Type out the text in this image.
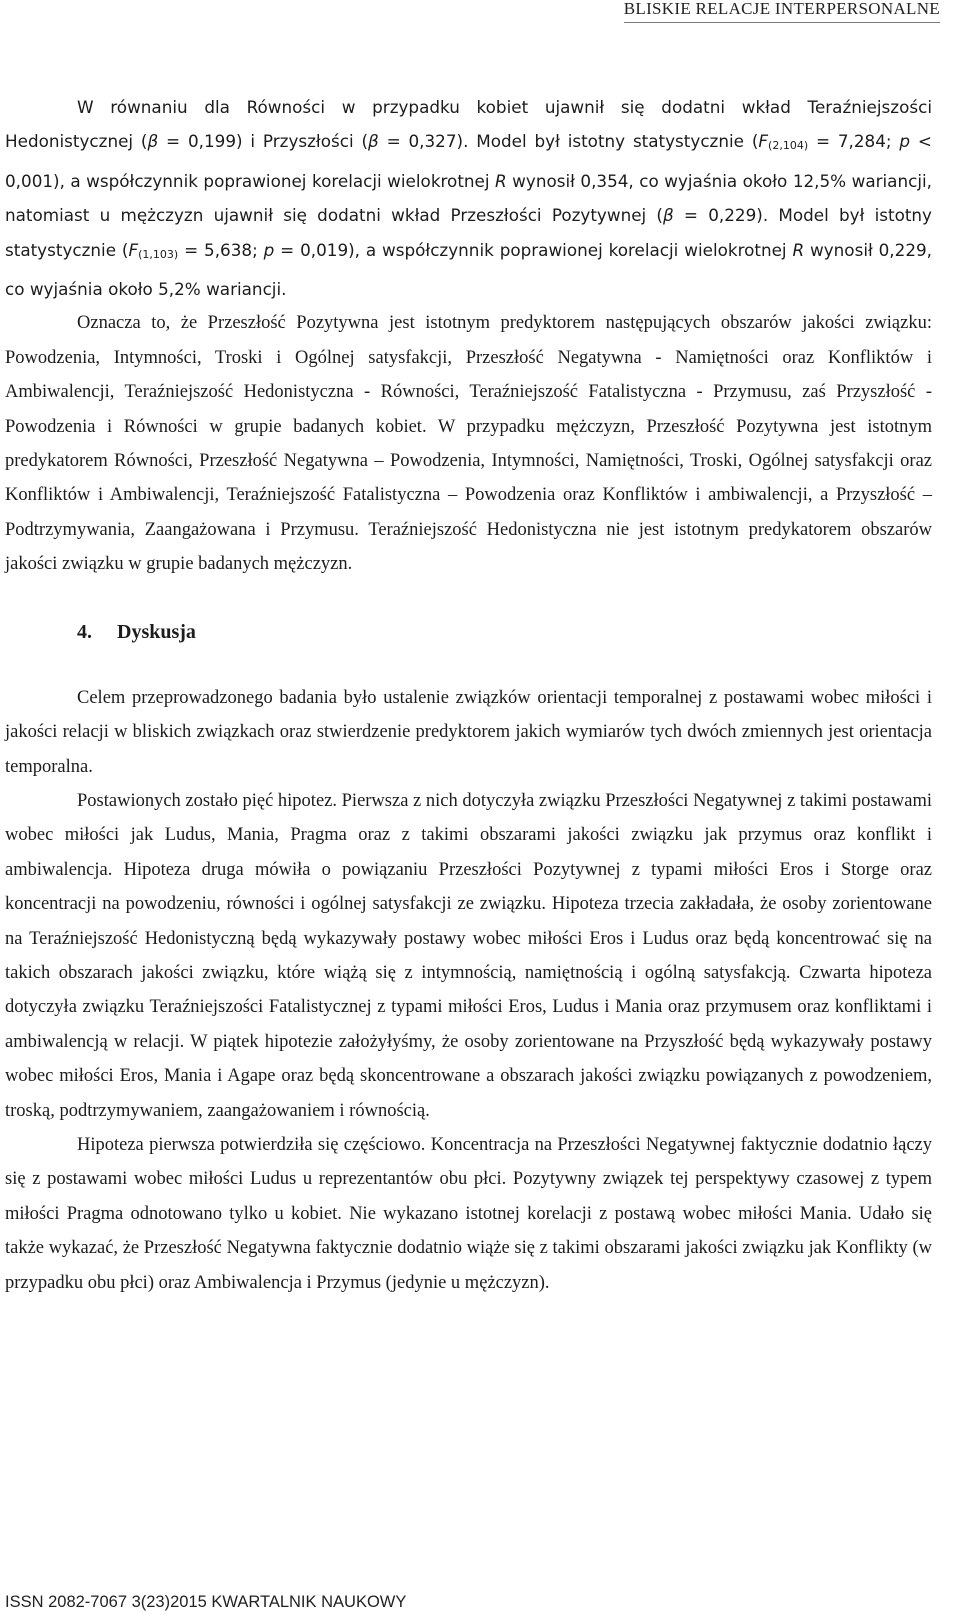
BLISKIE RELACJE INTERPERSONALNE

W równaniu dla Równości w przypadku kobiet ujawnił się dodatni wkład Teraźniejszości Hedonistycznej (β = 0,199) i Przyszłości (β = 0,327). Model był istotny statystycznie ($F_{(2,104)} = 7,284$; p < 0,001), a współczynnik poprawionej korelacji wielokrotnej R wynosił 0,354, co wyjaśnia około 12,5% wariancji, natomiast u mężczyzn ujawnił się dodatni wkład Przeszłości Pozytywnej (β = 0,229). Model był istotny statystycznie ($F_{(1,103)} = 5,638$; p = 0,019), a współczynnik poprawionej korelacji wielokrotnej R wynosił 0,229, co wyjaśnia około 5,2% wariancji.

Oznacza to, że Przeszłość Pozytywna jest istotnym predyktorem następujących obszarów jakości związku: Powodzenia, Intymności, Troski i Ogólnej satysfakcji, Przeszłość Negatywna - Namiętności oraz Konfliktów i Ambiwalencji, Teraźniejszość Hedonistyczna - Równości, Teraźniejszość Fatalistyczna - Przymusu, zaś Przyszłość - Powodzenia i Równości w grupie badanych kobiet. W przypadku mężczyzn, Przeszłość Pozytywna jest istotnym predykatorem Równości, Przeszłość Negatywna – Powodzenia, Intymności, Namiętności, Troski, Ogólnej satysfakcji oraz Konfliktów i Ambiwalencji, Teraźniejszość Fatalistyczna – Powodzenia oraz Konfliktów i ambiwalencji, a Przyszłość – Podtrzymywania, Zaangażowana i Przymusu. Teraźniejszość Hedonistyczna nie jest istotnym predykatorem obszarów jakości związku w grupie badanych mężczyzn.

4. Dyskusja

Celem przeprowadzonego badania było ustalenie związków orientacji temporalnej z postawami wobec miłości i jakości relacji w bliskich związkach oraz stwierdzenie predyktorem jakich wymiarów tych dwóch zmiennych jest orientacja temporalna.

Postawionych zostało pięć hipotez. Pierwsza z nich dotyczyła związku Przeszłości Negatywnej z takimi postawami wobec miłości jak Ludus, Mania, Pragma oraz z takimi obszarami jakości związku jak przymus oraz konflikt i ambiwalencja. Hipoteza druga mówiła o powiązaniu Przeszłości Pozytywnej z typami miłości Eros i Storge oraz koncentracji na powodzeniu, równości i ogólnej satysfakcji ze związku. Hipoteza trzecia zakładała, że osoby zorientowane na Teraźniejszość Hedonistyczną będą wykazywały postawy wobec miłości Eros i Ludus oraz będą koncentrować się na takich obszarach jakości związku, które wiążą się z intymnością, namiętnością i ogólną satysfakcją. Czwarta hipoteza dotyczyła związku Teraźniejszości Fatalistycznej z typami miłości Eros, Ludus i Mania oraz przymusem oraz konfliktami i ambiwalencją w relacji. W piątek hipotezie założyłyśmy, że osoby zorientowane na Przyszłość będą wykazywały postawy wobec miłości Eros, Mania i Agape oraz będą skoncentrowane a obszarach jakości związku powiązanych z powodzeniem, troską, podtrzymywaniem, zaangażowaniem i równością.

Hipoteza pierwsza potwierdziła się częściowo. Koncentracja na Przeszłości Negatywnej faktycznie dodatnio łączy się z postawami wobec miłości Ludus u reprezentantów obu płci. Pozytywny związek tej perspektywy czasowej z typem miłości Pragma odnotowano tylko u kobiet. Nie wykazano istotnej korelacji z postawą wobec miłości Mania. Udało się także wykazać, że Przeszłość Negatywna faktycznie dodatnio wiąże się z takimi obszarami jakości związku jak Konflikty (w przypadku obu płci) oraz Ambiwalencja i Przymus (jedynie u mężczyzn).

ISSN 2082-7067 3(23)2015 KWARTALNIK NAUKOWY
